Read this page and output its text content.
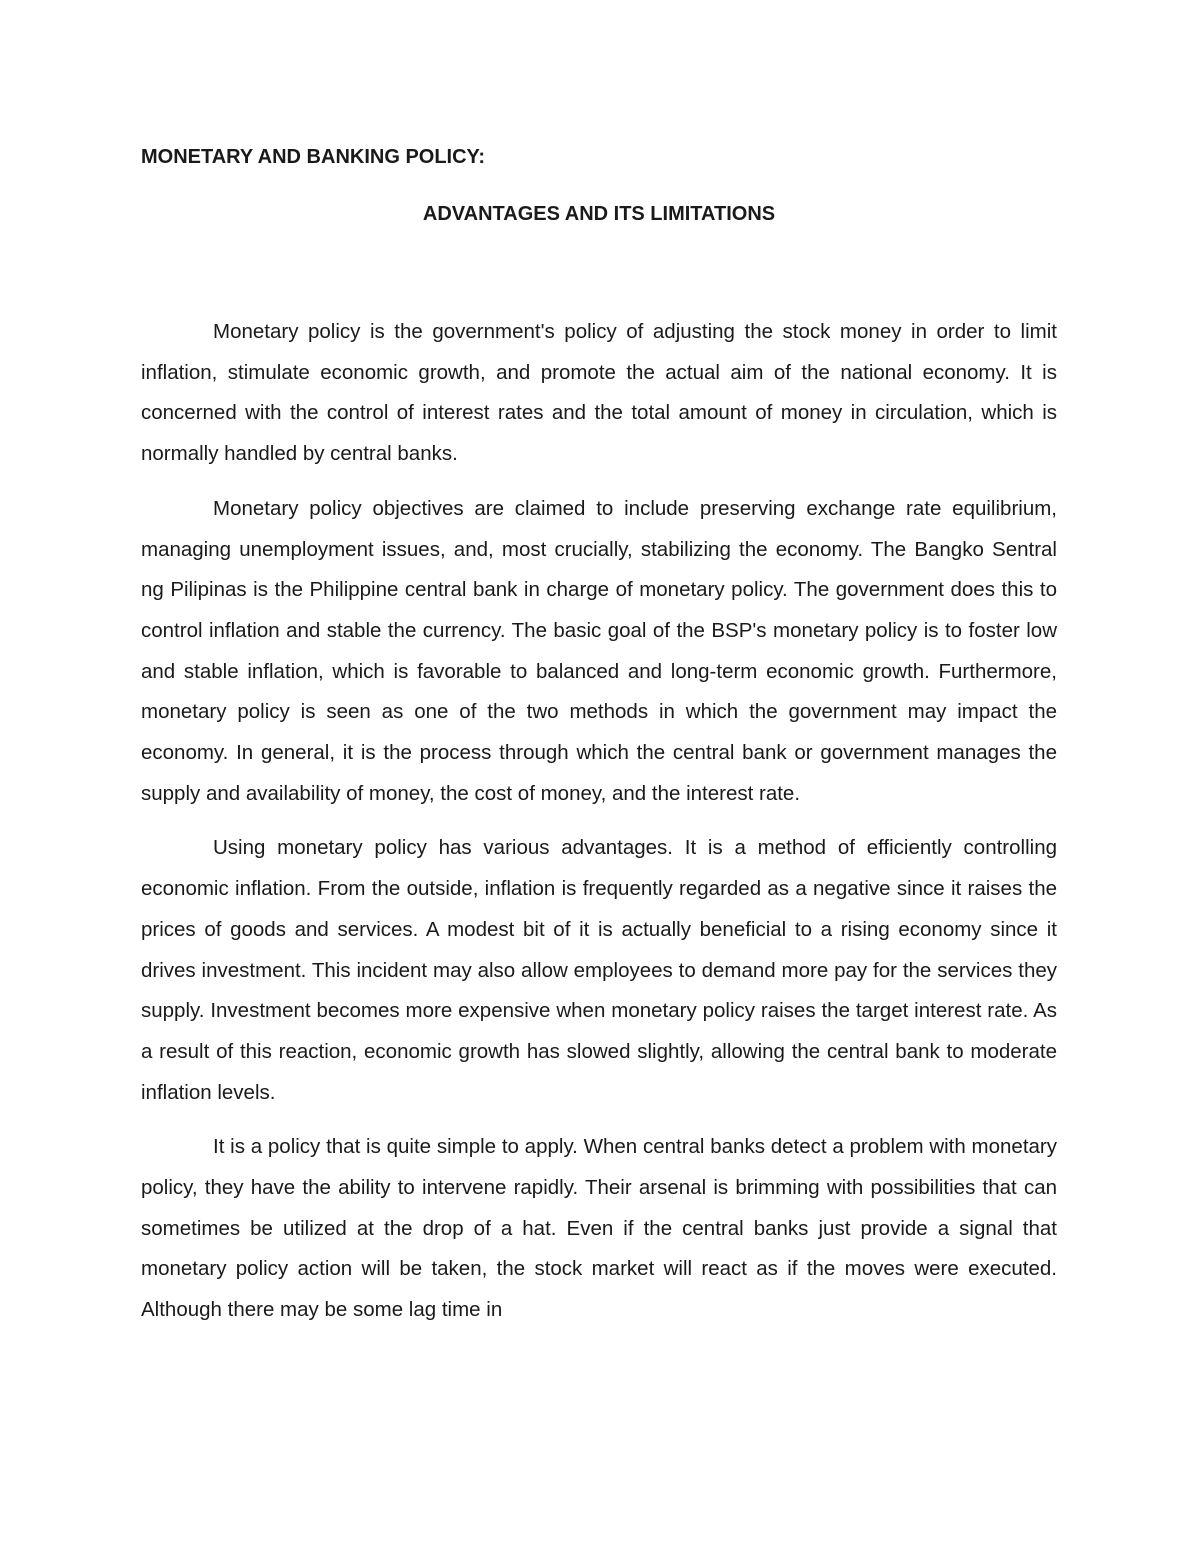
MONETARY AND BANKING POLICY:
ADVANTAGES AND ITS LIMITATIONS

Monetary policy is the government's policy of adjusting the stock money in order to limit inflation, stimulate economic growth, and promote the actual aim of the national economy. It is concerned with the control of interest rates and the total amount of money in circulation, which is normally handled by central banks.

Monetary policy objectives are claimed to include preserving exchange rate equilibrium, managing unemployment issues, and, most crucially, stabilizing the economy. The Bangko Sentral ng Pilipinas is the Philippine central bank in charge of monetary policy. The government does this to control inflation and stable the currency. The basic goal of the BSP's monetary policy is to foster low and stable inflation, which is favorable to balanced and long-term economic growth. Furthermore, monetary policy is seen as one of the two methods in which the government may impact the economy. In general, it is the process through which the central bank or government manages the supply and availability of money, the cost of money, and the interest rate.

Using monetary policy has various advantages. It is a method of efficiently controlling economic inflation. From the outside, inflation is frequently regarded as a negative since it raises the prices of goods and services. A modest bit of it is actually beneficial to a rising economy since it drives investment. This incident may also allow employees to demand more pay for the services they supply. Investment becomes more expensive when monetary policy raises the target interest rate. As a result of this reaction, economic growth has slowed slightly, allowing the central bank to moderate inflation levels.

It is a policy that is quite simple to apply. When central banks detect a problem with monetary policy, they have the ability to intervene rapidly. Their arsenal is brimming with possibilities that can sometimes be utilized at the drop of a hat. Even if the central banks just provide a signal that monetary policy action will be taken, the stock market will react as if the moves were executed. Although there may be some lag time in
